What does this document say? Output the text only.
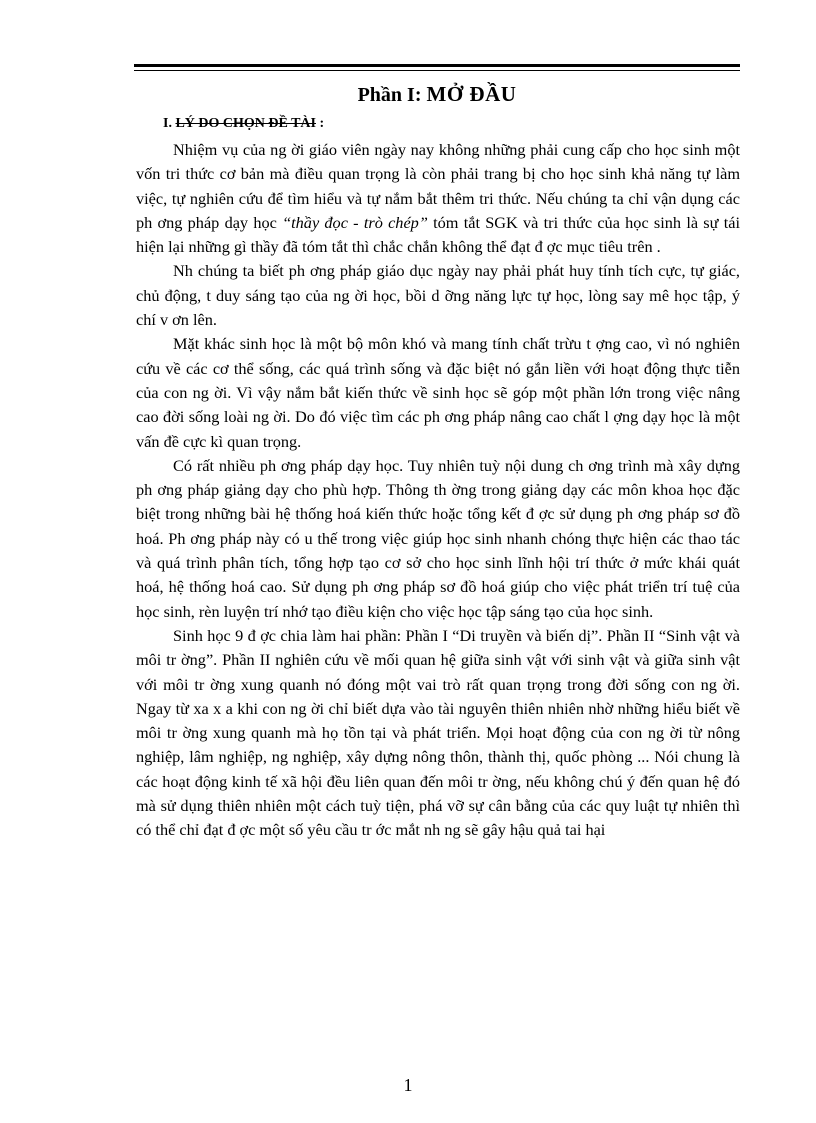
Phần I: MỞ ĐẦU
I. LÝ DO CHỌN ĐỀ TÀI :

Nhiệm vụ của ng ời giáo viên ngày nay không những phải cung cấp cho học sinh một vốn tri thức cơ bản mà điều quan trọng là còn phải trang bị cho học sinh khả năng tự làm việc, tự nghiên cứu để tìm hiểu và tự nắm bắt thêm tri thức. Nếu chúng ta chỉ vận dụng các ph ơng pháp dạy học “thầy đọc - trò chép” tóm tắt SGK và tri thức của học sinh là sự tái hiện lại những gì thầy đã tóm tắt thì chắc chắn không thể đạt đ ợc mục tiêu trên .

Nh chúng ta biết ph ơng pháp giáo dục ngày nay phải phát huy tính tích cực, tự giác, chủ động, t duy sáng tạo của ng ời học, bồi d ỡng năng lực tự học, lòng say mê học tập, ý chí v ơn lên.

Mặt khác sinh học là một bộ môn khó và mang tính chất trừu t ợng cao, vì nó nghiên cứu về các cơ thể sống, các quá trình sống và đặc biệt nó gắn liền với hoạt động thực tiễn của con ng ời. Vì vậy nắm bắt kiến thức về sinh học sẽ góp một phần lớn trong việc nâng cao đời sống loài ng ời. Do đó việc tìm các ph ơng pháp nâng cao chất l ợng dạy học là một vấn đề cực kì quan trọng.

Có rất nhiều ph ơng pháp dạy học. Tuy nhiên tuỳ nội dung ch ơng trình mà xây dựng ph ơng pháp giảng dạy cho phù hợp. Thông th ờng trong giảng dạy các môn khoa học đặc biệt trong những bài hệ thống hoá kiến thức hoặc tổng kết đ ợc sử dụng ph ơng pháp sơ đồ hoá. Ph ơng pháp này có u thế trong việc giúp học sinh nhanh chóng thực hiện các thao tác và quá trình phân tích, tổng hợp tạo cơ sở cho học sinh lĩnh hội trí thức ở mức khái quát hoá, hệ thống hoá cao. Sử dụng ph ơng pháp sơ đồ hoá giúp cho việc phát triển trí tuệ của học sinh, rèn luyện trí nhớ tạo điều kiện cho việc học tập sáng tạo của học sinh.

Sinh học 9 đ ợc chia làm hai phần: Phần I “Di truyền và biến dị”. Phần II “Sinh vật và môi tr ờng”. Phần II nghiên cứu về mối quan hệ giữa sinh vật với sinh vật và giữa sinh vật với môi tr ờng xung quanh nó đóng một vai trò rất quan trọng trong đời sống con ng ời. Ngay từ xa x a khi con ng ời chỉ biết dựa vào tài nguyên thiên nhiên nhờ những hiểu biết về môi tr ờng xung quanh mà họ tồn tại và phát triển. Mọi hoạt động của con ng ời từ nông nghiệp, lâm nghiệp, ng nghiệp, xây dựng nông thôn, thành thị, quốc phòng ... Nói chung là các hoạt động kinh tế xã hội đều liên quan đến môi tr ờng, nếu không chú ý đến quan hệ đó mà sử dụng thiên nhiên một cách tuỳ tiện, phá vỡ sự cân bằng của các quy luật tự nhiên thì có thể chỉ đạt đ ợc một số yêu cầu tr ớc mắt nh ng sẽ gây hậu quả tai hại

1
